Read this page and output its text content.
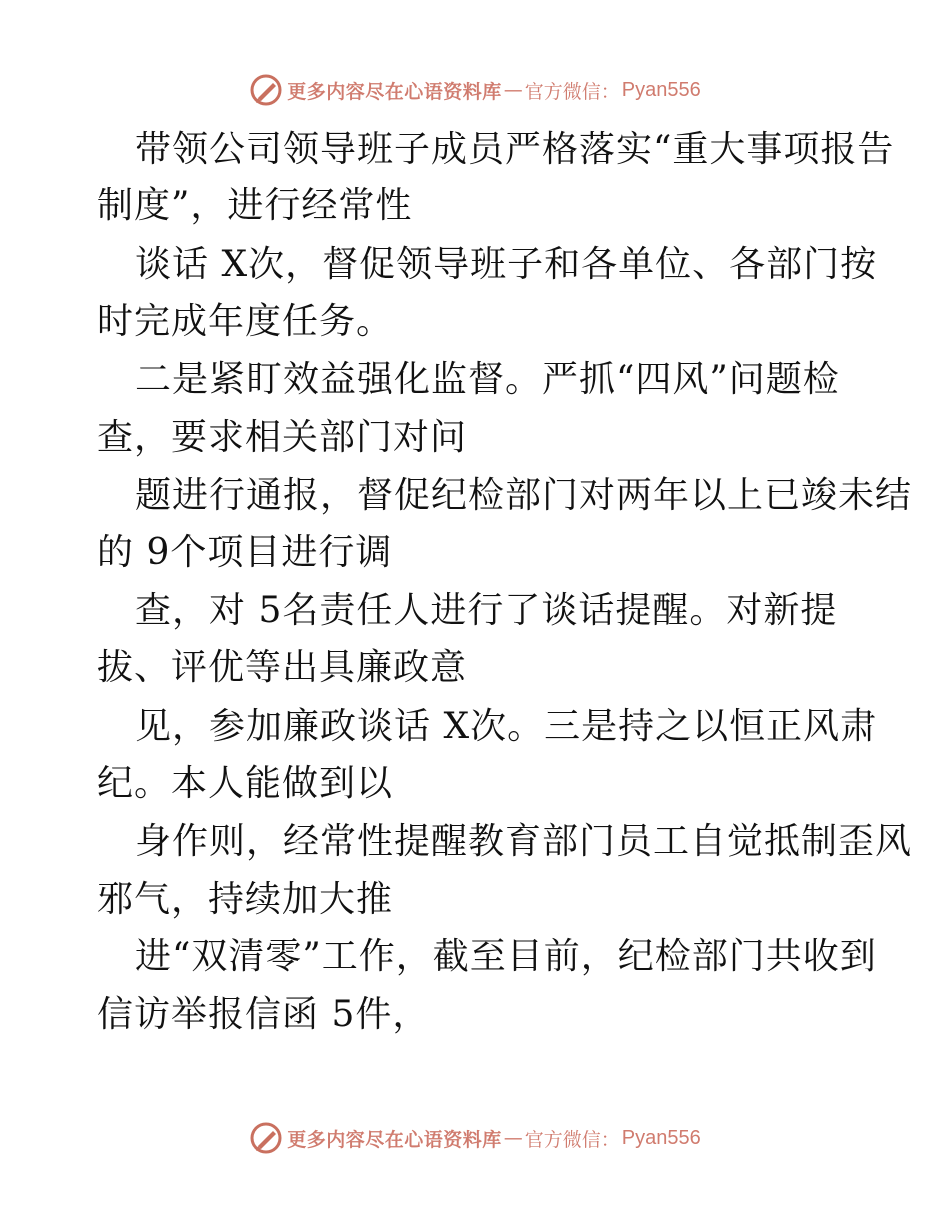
更多内容尽在心语资料库 — 官方微信： Pyan556
带领公司领导班子成员严格落实“重大事项报告
制度”，进行经常性
谈话 X次，督促领导班子和各单位、各部门按
时完成年度任务。
二是紧盯效益强化监督。严抓“四风”问题检
查，要求相关部门对问
题进行通报，督促纪检部门对两年以上已竣未结
的 9个项目进行调
查，对 5名责任人进行了谈话提醒。对新提
拔、评优等出具廉政意
见，参加廉政谈话 X次。三是持之以恒正风肃
纪。本人能做到以
身作则，经常性提醒教育部门员工自觉抵制歪风
邪气，持续加大推
进“双清零”工作，截至目前，纪检部门共收到
信访举报信函 5件，
更多内容尽在心语资料库 — 官方微信： Pyan556
